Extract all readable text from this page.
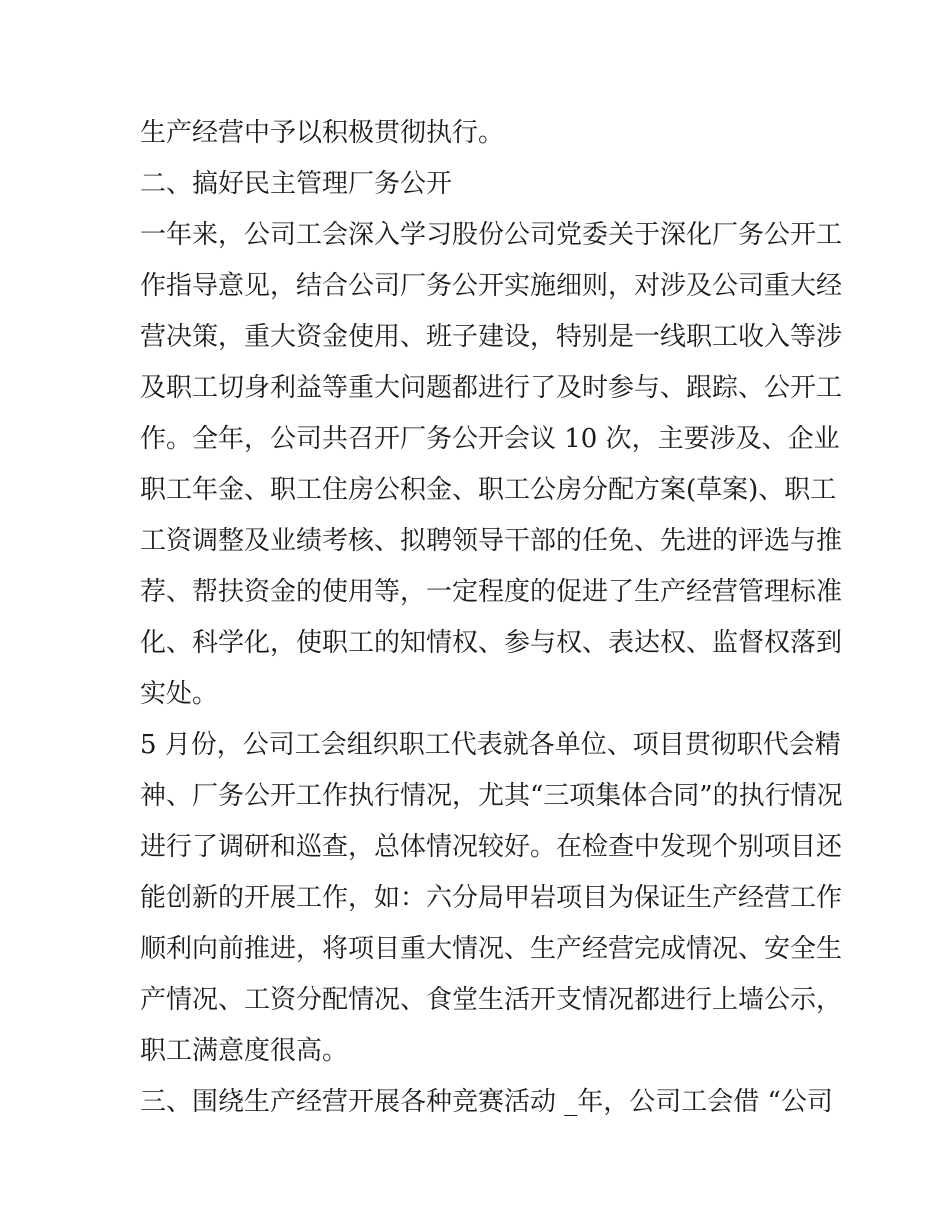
生产经营中予以积极贯彻执行。
二、搞好民主管理厂务公开
一年来，公司工会深入学习股份公司党委关于深化厂务公开工
作指导意见，结合公司厂务公开实施细则，对涉及公司重大经
营决策，重大资金使用、班子建设，特别是一线职工收入等涉
及职工切身利益等重大问题都进行了及时参与、跟踪、公开工
作。全年，公司共召开厂务公开会议 10 次，主要涉及、企业
职工年金、职工住房公积金、职工公房分配方案(草案)、职工
工资调整及业绩考核、拟聘领导干部的任免、先进的评选与推
荐、帮扶资金的使用等，一定程度的促进了生产经营管理标准
化、科学化，使职工的知情权、参与权、表达权、监督权落到
实处。
5 月份，公司工会组织职工代表就各单位、项目贯彻职代会精
神、厂务公开工作执行情况，尤其“三项集体合同”的执行情况
进行了调研和巡查，总体情况较好。在检查中发现个别项目还
能创新的开展工作，如：六分局甲岩项目为保证生产经营工作
顺利向前推进，将项目重大情况、生产经营完成情况、安全生
产情况、工资分配情况、食堂生活开支情况都进行上墙公示，
职工满意度很高。
三、围绕生产经营开展各种竞赛活动 _年，公司工会借 “公司
